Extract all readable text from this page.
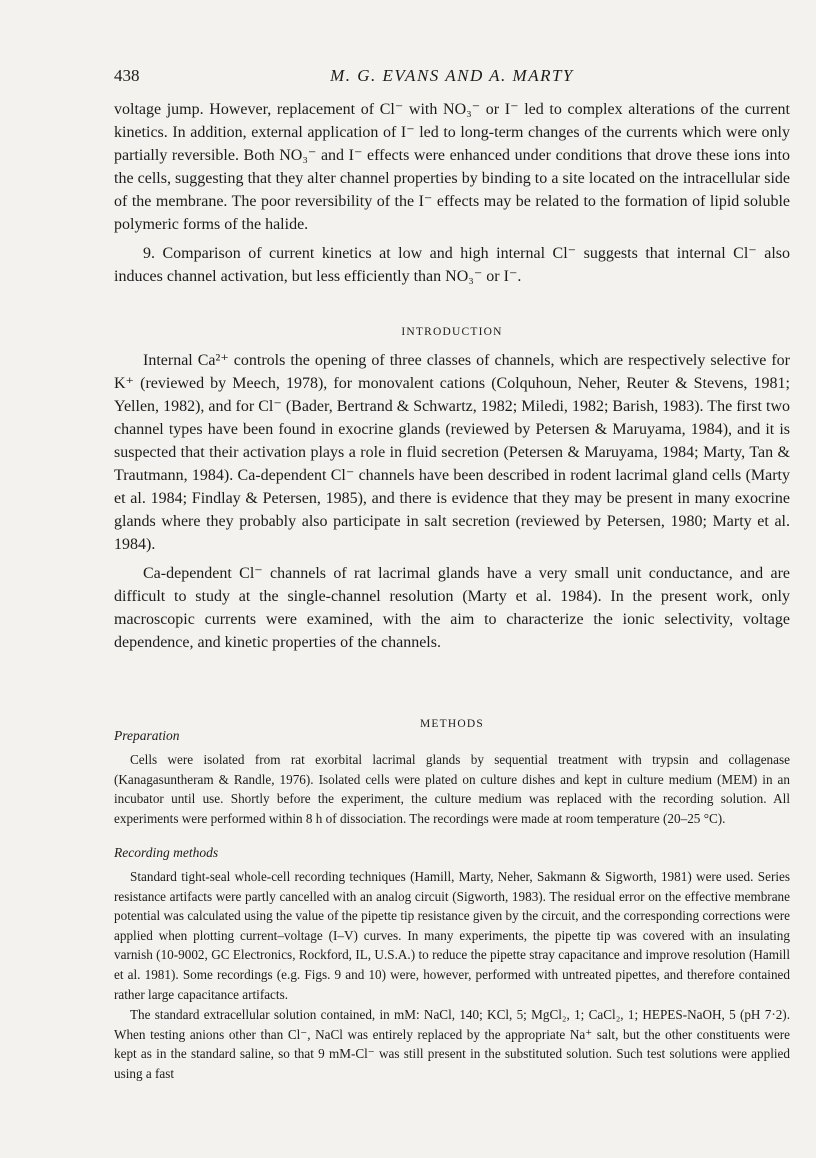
438	M. G. EVANS AND A. MARTY

voltage jump. However, replacement of Cl⁻ with NO₃⁻ or I⁻ led to complex alterations of the current kinetics. In addition, external application of I⁻ led to long-term changes of the currents which were only partially reversible. Both NO₃⁻ and I⁻ effects were enhanced under conditions that drove these ions into the cells, suggesting that they alter channel properties by binding to a site located on the intracellular side of the membrane. The poor reversibility of the I⁻ effects may be related to the formation of lipid soluble polymeric forms of the halide.

9. Comparison of current kinetics at low and high internal Cl⁻ suggests that internal Cl⁻ also induces channel activation, but less efficiently than NO₃⁻ or I⁻.

INTRODUCTION

Internal Ca²⁺ controls the opening of three classes of channels, which are respectively selective for K⁺ (reviewed by Meech, 1978), for monovalent cations (Colquhoun, Neher, Reuter & Stevens, 1981; Yellen, 1982), and for Cl⁻ (Bader, Bertrand & Schwartz, 1982; Miledi, 1982; Barish, 1983). The first two channel types have been found in exocrine glands (reviewed by Petersen & Maruyama, 1984), and it is suspected that their activation plays a role in fluid secretion (Petersen & Maruyama, 1984; Marty, Tan & Trautmann, 1984). Ca-dependent Cl⁻ channels have been described in rodent lacrimal gland cells (Marty et al. 1984; Findlay & Petersen, 1985), and there is evidence that they may be present in many exocrine glands where they probably also participate in salt secretion (reviewed by Petersen, 1980; Marty et al. 1984).

Ca-dependent Cl⁻ channels of rat lacrimal glands have a very small unit conductance, and are difficult to study at the single-channel resolution (Marty et al. 1984). In the present work, only macroscopic currents were examined, with the aim to characterize the ionic selectivity, voltage dependence, and kinetic properties of the channels.

METHODS
Preparation

Cells were isolated from rat exorbital lacrimal glands by sequential treatment with trypsin and collagenase (Kanagasuntheram & Randle, 1976). Isolated cells were plated on culture dishes and kept in culture medium (MEM) in an incubator until use. Shortly before the experiment, the culture medium was replaced with the recording solution. All experiments were performed within 8 h of dissociation. The recordings were made at room temperature (20–25 °C).

Recording methods

Standard tight-seal whole-cell recording techniques (Hamill, Marty, Neher, Sakmann & Sigworth, 1981) were used. Series resistance artifacts were partly cancelled with an analog circuit (Sigworth, 1983). The residual error on the effective membrane potential was calculated using the value of the pipette tip resistance given by the circuit, and the corresponding corrections were applied when plotting current–voltage (I–V) curves. In many experiments, the pipette tip was covered with an insulating varnish (10-9002, GC Electronics, Rockford, IL, U.S.A.) to reduce the pipette stray capacitance and improve resolution (Hamill et al. 1981). Some recordings (e.g. Figs. 9 and 10) were, however, performed with untreated pipettes, and therefore contained rather large capacitance artifacts.

The standard extracellular solution contained, in mM: NaCl, 140; KCl, 5; MgCl₂, 1; CaCl₂, 1; HEPES-NaOH, 5 (pH 7·2). When testing anions other than Cl⁻, NaCl was entirely replaced by the appropriate Na⁺ salt, but the other constituents were kept as in the standard saline, so that 9 mM-Cl⁻ was still present in the substituted solution. Such test solutions were applied using a fast
